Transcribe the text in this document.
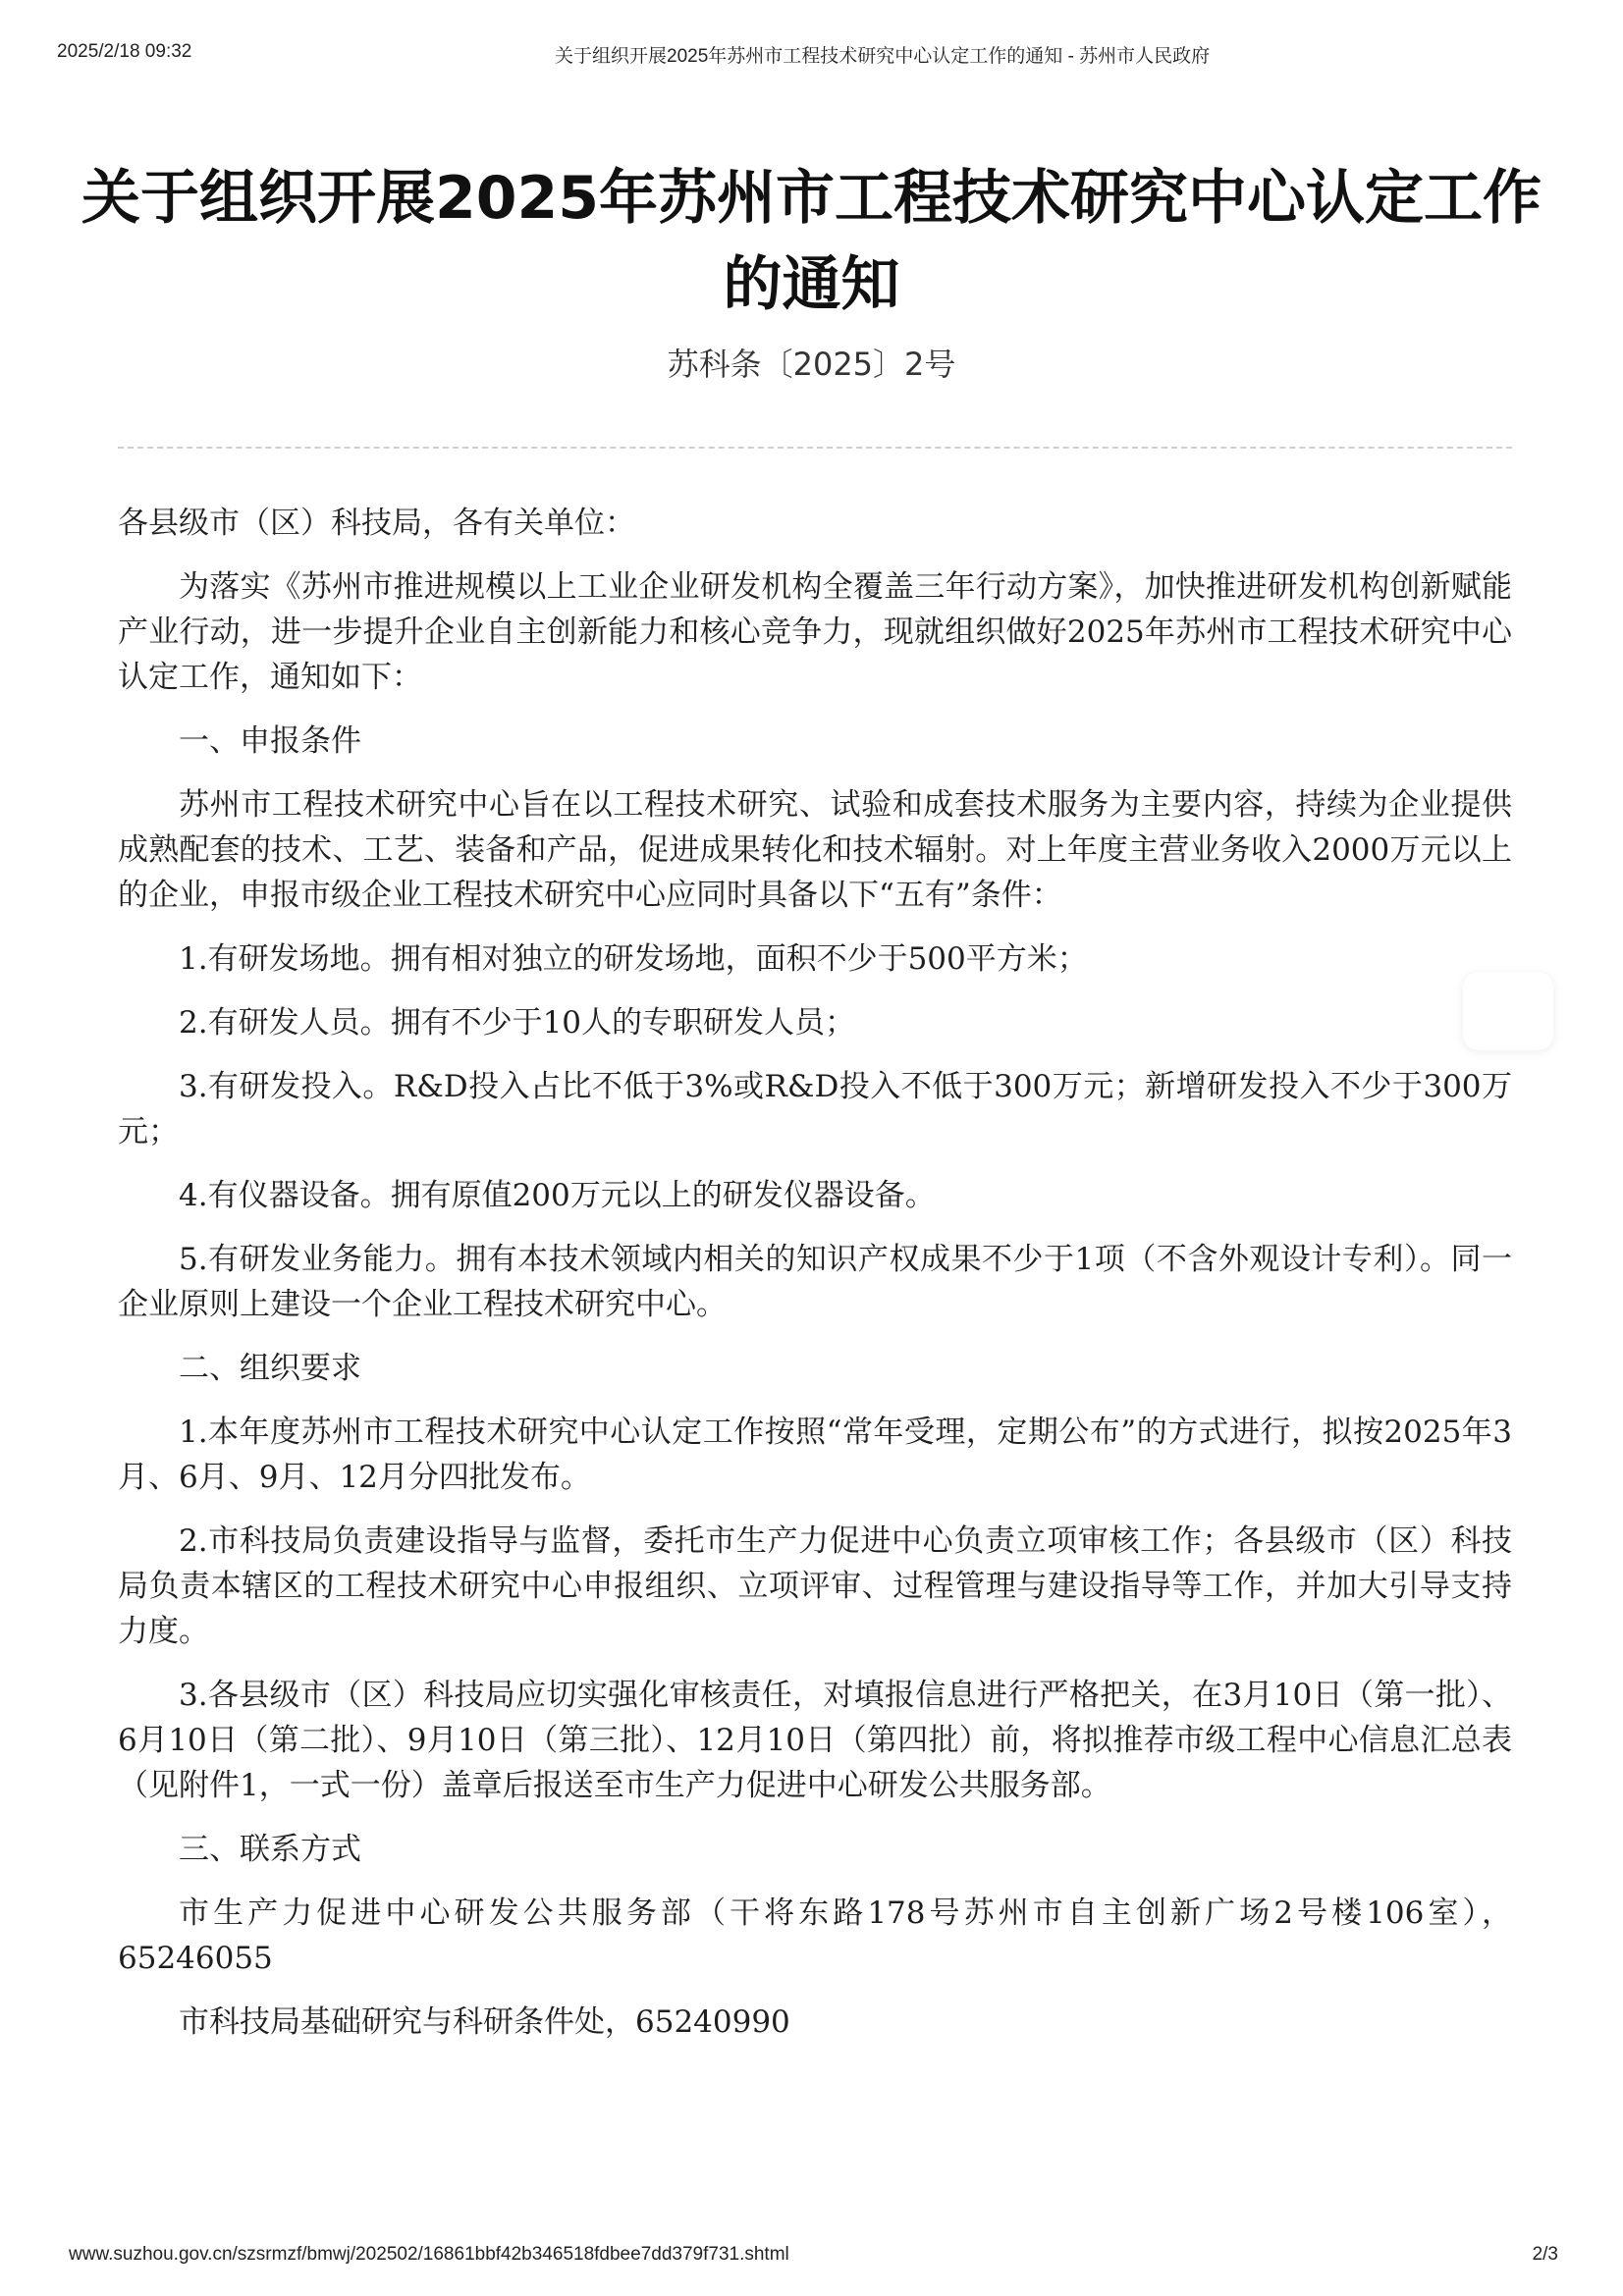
2025/2/18 09:32	关于组织开展2025年苏州市工程技术研究中心认定工作的通知 - 苏州市人民政府
关于组织开展2025年苏州市工程技术研究中心认定工作的通知
苏科条〔2025〕2号

各县级市（区）科技局，各有关单位：

为落实《苏州市推进规模以上工业企业研发机构全覆盖三年行动方案》，加快推进研发机构创新赋能产业行动，进一步提升企业自主创新能力和核心竞争力，现就组织做好2025年苏州市工程技术研究中心认定工作，通知如下：

一、申报条件

苏州市工程技术研究中心旨在以工程技术研究、试验和成套技术服务为主要内容，持续为企业提供成熟配套的技术、工艺、装备和产品，促进成果转化和技术辐射。对上年度主营业务收入2000万元以上的企业，申报市级企业工程技术研究中心应同时具备以下“五有”条件：

1.有研发场地。拥有相对独立的研发场地，面积不少于500平方米；

2.有研发人员。拥有不少于10人的专职研发人员；

3.有研发投入。R&D投入占比不低于3%或R&D投入不低于300万元；新增研发投入不少于300万元；

4.有仪器设备。拥有原值200万元以上的研发仪器设备。

5.有研发业务能力。拥有本技术领域内相关的知识产权成果不少于1项（不含外观设计专利）。同一企业原则上建设一个企业工程技术研究中心。

二、组织要求

1.本年度苏州市工程技术研究中心认定工作按照“常年受理，定期公布”的方式进行，拟按2025年3月、6月、9月、12月分四批发布。

2.市科技局负责建设指导与监督，委托市生产力促进中心负责立项审核工作；各县级市（区）科技局负责本辖区的工程技术研究中心申报组织、立项评审、过程管理与建设指导等工作，并加大引导支持力度。

3.各县级市（区）科技局应切实强化审核责任，对填报信息进行严格把关，在3月10日（第一批）、6月10日（第二批）、9月10日（第三批）、12月10日（第四批）前，将拟推荐市级工程中心信息汇总表（见附件1，一式一份）盖章后报送至市生产力促进中心研发公共服务部。

三、联系方式

市生产力促进中心研发公共服务部（干将东路178号苏州市自主创新广场2号楼106室），65246055

市科技局基础研究与科研条件处，65240990

www.suzhou.gov.cn/szsrmzf/bmwj/202502/16861bbf42b346518fdbee7dd379f731.shtml	2/3
